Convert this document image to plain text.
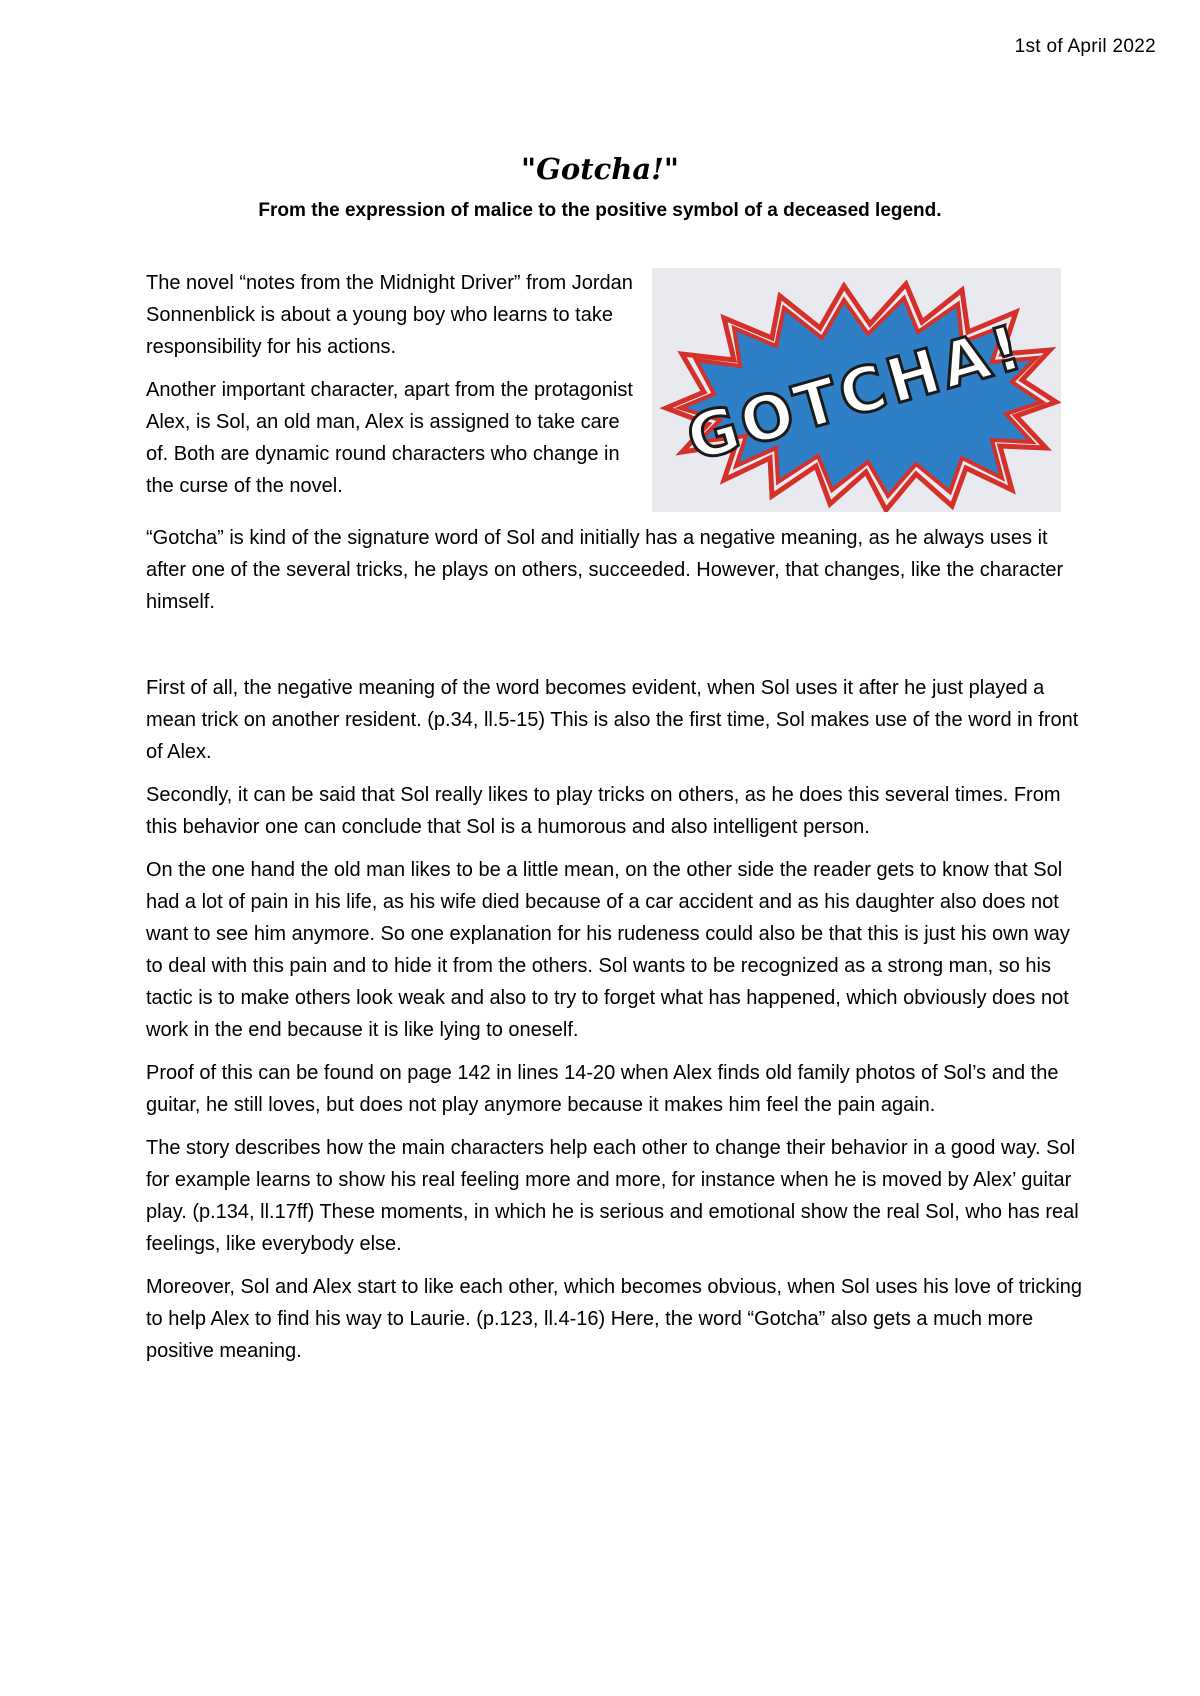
1st of April 2022
"Gotcha!"
From the expression of malice to the positive symbol of a deceased legend.

The novel “notes from the Midnight Driver” from Jordan Sonnenblick is about a young boy who learns to take responsibility for his actions.

Another important character, apart from the protagonist Alex, is Sol, an old man, Alex is assigned to take care of. Both are dynamic round characters who change in the curse of the novel.

GOTCHA!

“Gotcha” is kind of the signature word of Sol and initially has a negative meaning, as he always uses it after one of the several tricks, he plays on others, succeeded. However, that changes, like the character himself.

First of all, the negative meaning of the word becomes evident, when Sol uses it after he just played a mean trick on another resident. (p.34, ll.5-15) This is also the first time, Sol makes use of the word in front of Alex.

Secondly, it can be said that Sol really likes to play tricks on others, as he does this several times. From this behavior one can conclude that Sol is a humorous and also intelligent person.

On the one hand the old man likes to be a little mean, on the other side the reader gets to know that Sol had a lot of pain in his life, as his wife died because of a car accident and as his daughter also does not want to see him anymore. So one explanation for his rudeness could also be that this is just his own way to deal with this pain and to hide it from the others. Sol wants to be recognized as a strong man, so his tactic is to make others look weak and also to try to forget what has happened, which obviously does not work in the end because it is like lying to oneself.

Proof of this can be found on page 142 in lines 14-20 when Alex finds old family photos of Sol’s and the guitar, he still loves, but does not play anymore because it makes him feel the pain again.

The story describes how the main characters help each other to change their behavior in a good way. Sol for example learns to show his real feeling more and more, for instance when he is moved by Alex’ guitar play. (p.134, ll.17ff) These moments, in which he is serious and emotional show the real Sol, who has real feelings, like everybody else.

Moreover, Sol and Alex start to like each other, which becomes obvious, when Sol uses his love of tricking to help Alex to find his way to Laurie. (p.123, ll.4-16) Here, the word “Gotcha” also gets a much more positive meaning.
